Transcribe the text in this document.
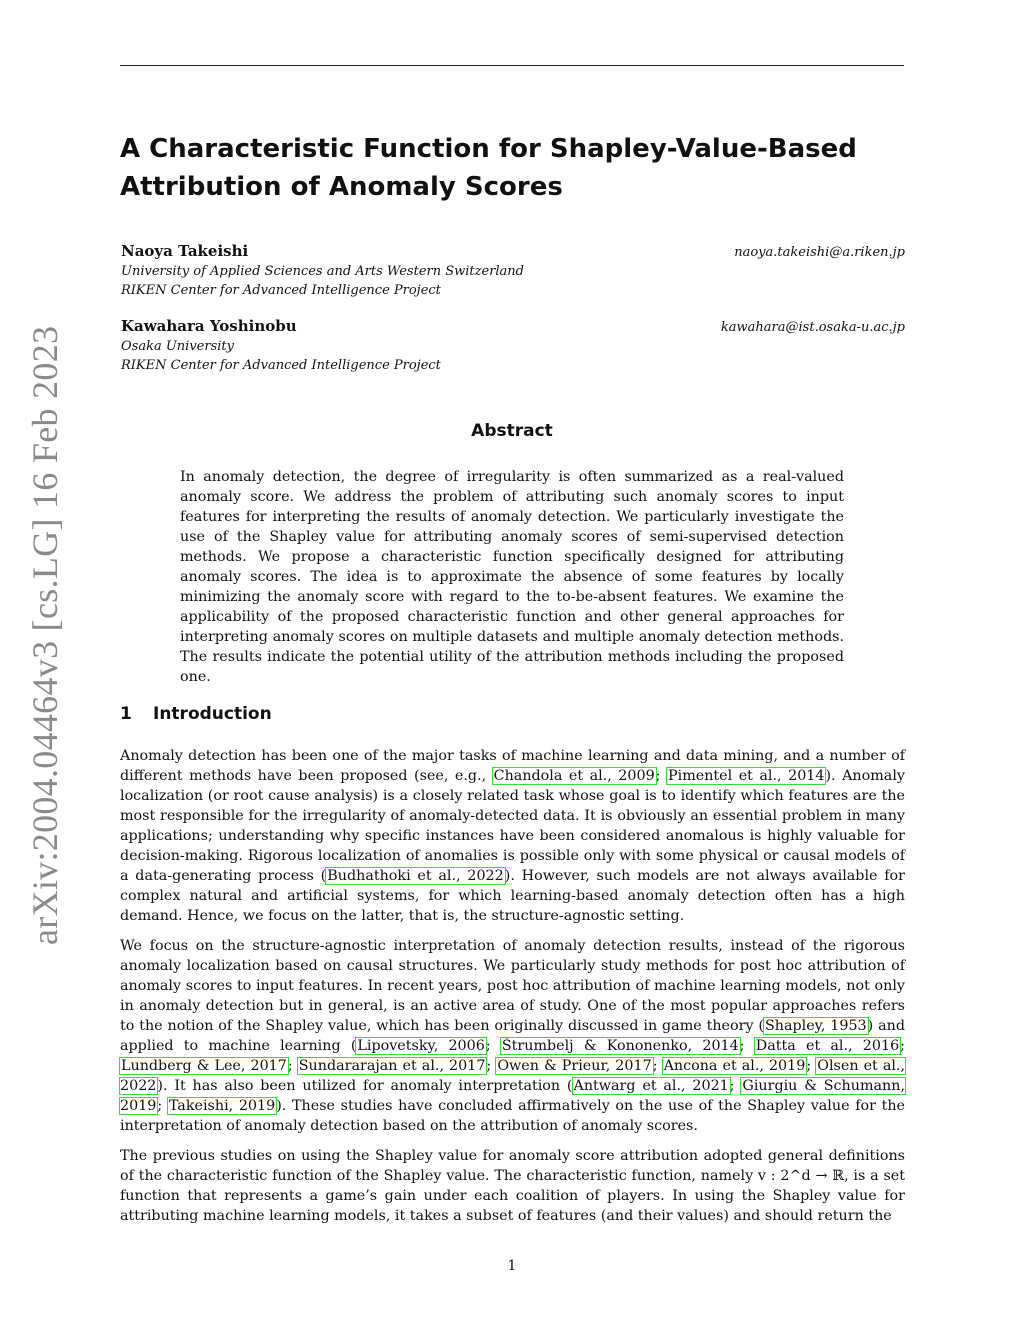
arXiv:2004.04464v3 [cs.LG] 16 Feb 2023
A Characteristic Function for Shapley-Value-Based Attribution of Anomaly Scores
Naoya Takeishi	naoya.takeishi@a.riken.jp
University of Applied Sciences and Arts Western Switzerland
RIKEN Center for Advanced Intelligence Project
Kawahara Yoshinobu	kawahara@ist.osaka-u.ac.jp
Osaka University
RIKEN Center for Advanced Intelligence Project
Abstract
In anomaly detection, the degree of irregularity is often summarized as a real-valued anomaly score. We address the problem of attributing such anomaly scores to input features for interpreting the results of anomaly detection. We particularly investigate the use of the Shapley value for attributing anomaly scores of semi-supervised detection methods. We propose a characteristic function specifically designed for attributing anomaly scores. The idea is to approximate the absence of some features by locally minimizing the anomaly score with regard to the to-be-absent features. We examine the applicability of the proposed characteristic function and other general approaches for interpreting anomaly scores on multiple datasets and multiple anomaly detection methods. The results indicate the potential utility of the attribution methods including the proposed one.
1 Introduction

Anomaly detection has been one of the major tasks of machine learning and data mining, and a number of different methods have been proposed (see, e.g., Chandola et al., 2009; Pimentel et al., 2014). Anomaly localization (or root cause analysis) is a closely related task whose goal is to identify which features are the most responsible for the irregularity of anomaly-detected data. It is obviously an essential problem in many applications; understanding why specific instances have been considered anomalous is highly valuable for decision-making. Rigorous localization of anomalies is possible only with some physical or causal models of a data-generating process (Budhathoki et al., 2022). However, such models are not always available for complex natural and artificial systems, for which learning-based anomaly detection often has a high demand. Hence, we focus on the latter, that is, the structure-agnostic setting.

We focus on the structure-agnostic interpretation of anomaly detection results, instead of the rigorous anomaly localization based on causal structures. We particularly study methods for post hoc attribution of anomaly scores to input features. In recent years, post hoc attribution of machine learning models, not only in anomaly detection but in general, is an active area of study. One of the most popular approaches refers to the notion of the Shapley value, which has been originally discussed in game theory (Shapley, 1953) and applied to machine learning (Lipovetsky, 2006; Štrumbelj & Kononenko, 2014; Datta et al., 2016; Lundberg & Lee, 2017; Sundararajan et al., 2017; Owen & Prieur, 2017; Ancona et al., 2019; Olsen et al., 2022). It has also been utilized for anomaly interpretation (Antwarg et al., 2021; Giurgiu & Schumann, 2019; Takeishi, 2019). These studies have concluded affirmatively on the use of the Shapley value for the interpretation of anomaly detection based on the attribution of anomaly scores.

The previous studies on using the Shapley value for anomaly score attribution adopted general definitions of the characteristic function of the Shapley value. The characteristic function, namely v : 2^d → ℝ, is a set function that represents a game’s gain under each coalition of players. In using the Shapley value for attributing machine learning models, it takes a subset of features (and their values) and should return the

1
